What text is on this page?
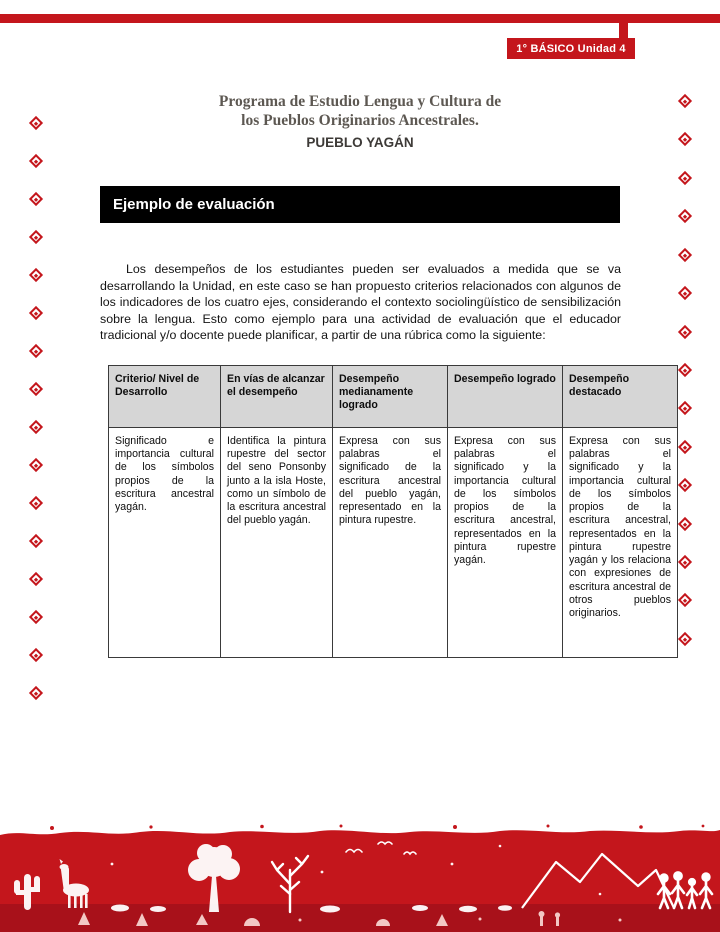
1° BÁSICO Unidad 4
Programa de Estudio Lengua y Cultura de
los Pueblos Originarios Ancestrales.
PUEBLO YAGÁN
Ejemplo de evaluación

Los desempeños de los estudiantes pueden ser evaluados a medida que se va desarrollando la Unidad, en este caso se han propuesto criterios relacionados con algunos de los indicadores de los cuatro ejes, considerando el contexto sociolingüístico de sensibilización sobre la lengua. Esto como ejemplo para una actividad de evaluación que el educador tradicional y/o docente puede planificar, a partir de una rúbrica como la siguiente:

Criterio/ Nivel de Desarrollo	En vías de alcanzar el desempeño	Desempeño medianamente logrado	Desempeño logrado	Desempeño destacado
Significado e importancia cultural de los símbolos propios de la escritura ancestral yagán.	Identifica la pintura rupestre del sector del seno Ponsonby junto a la isla Hoste, como un símbolo de la escritura ancestral del pueblo yagán.	Expresa con sus palabras el significado de la escritura ancestral del pueblo yagán, representado en la pintura rupestre.	Expresa con sus palabras el significado y la importancia cultural de los símbolos propios de la escritura ancestral, representados en la pintura rupestre yagán.	Expresa con sus palabras el significado y la importancia cultural de los símbolos propios de la escritura ancestral, representados en la pintura rupestre yagán y los relaciona con expresiones de escritura ancestral de otros pueblos originarios.
